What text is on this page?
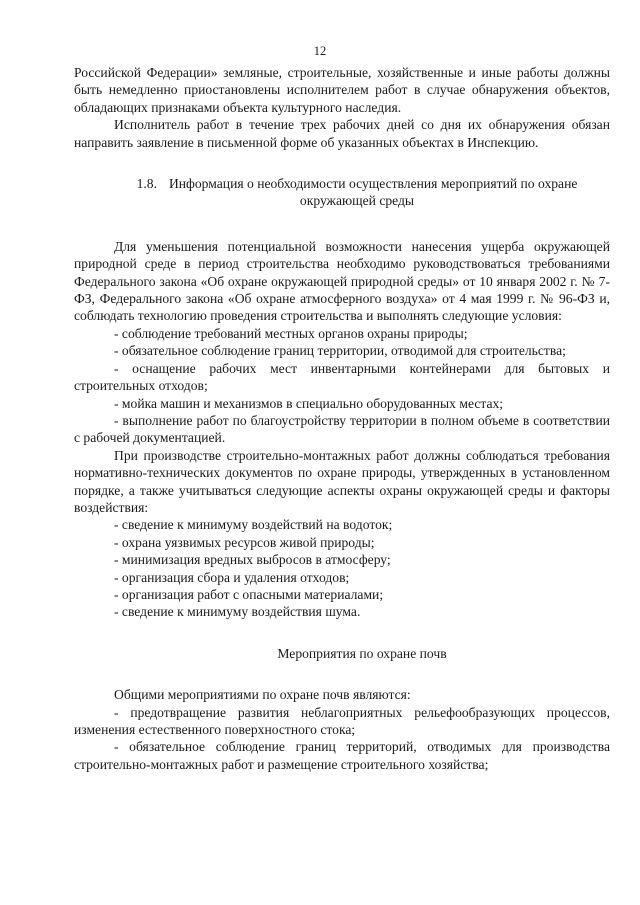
12

Российской Федерации» земляные, строительные, хозяйственные и иные работы должны быть немедленно приостановлены исполнителем работ в случае обнаружения объектов, обладающих признаками объекта культурного наследия.

Исполнитель работ в течение трех рабочих дней со дня их обнаружения обязан направить заявление в письменной форме об указанных объектах в Инспекцию.

1.8. Информация о необходимости осуществления мероприятий по охране окружающей среды

Для уменьшения потенциальной возможности нанесения ущерба окружающей природной среде в период строительства необходимо руководствоваться требованиями Федерального закона «Об охране окружающей природной среды» от 10 января 2002 г. № 7-ФЗ, Федерального закона «Об охране атмосферного воздуха» от 4 мая 1999 г. № 96-ФЗ и, соблюдать технологию проведения строительства и выполнять следующие условия:

- соблюдение требований местных органов охраны природы;

- обязательное соблюдение границ территории, отводимой для строительства;

- оснащение рабочих мест инвентарными контейнерами для бытовых и строительных отходов;

- мойка машин и механизмов в специально оборудованных местах;

- выполнение работ по благоустройству территории в полном объеме в соответствии с рабочей документацией.

При производстве строительно-монтажных работ должны соблюдаться требования нормативно-технических документов по охране природы, утвержденных в установленном порядке, а также учитываться следующие аспекты охраны окружающей среды и факторы воздействия:

- сведение к минимуму воздействий на водоток;

- охрана уязвимых ресурсов живой природы;

- минимизация вредных выбросов в атмосферу;

- организация сбора и удаления отходов;

- организация работ с опасными материалами;

- сведение к минимуму воздействия шума.

Мероприятия по охране почв

Общими мероприятиями по охране почв являются:

- предотвращение развития неблагоприятных рельефообразующих процессов, изменения естественного поверхностного стока;

- обязательное соблюдение границ территорий, отводимых для производства строительно-монтажных работ и размещение строительного хозяйства;
